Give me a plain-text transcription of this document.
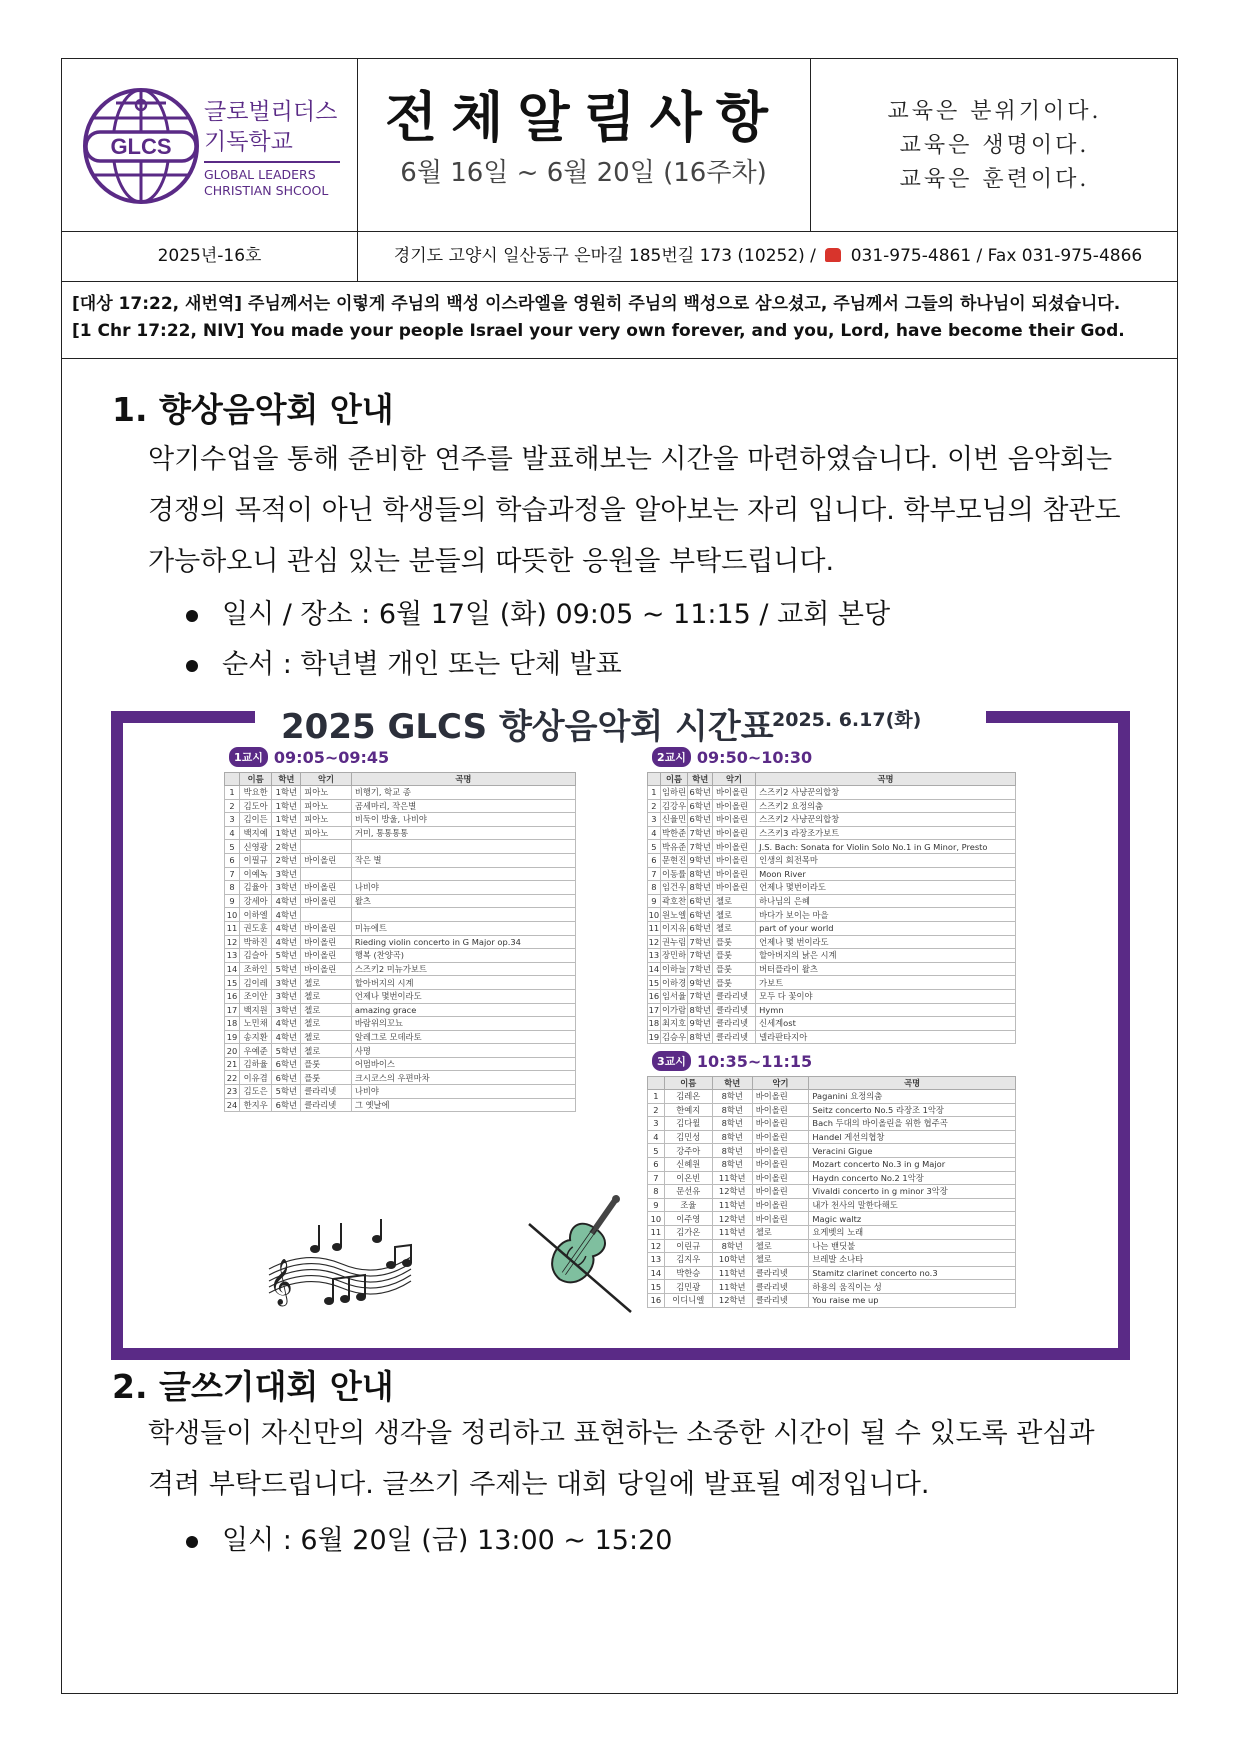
GLCS
글로벌리더스
기독학교
GLOBAL LEADERS
CHRISTIAN SHCOOL
전체알림사항
6월 16일 ~ 6월 20일 (16주차)
교육은 분위기이다.
교육은 생명이다.
교육은 훈련이다.
2025년-16호	경기도 고양시 일산동구 은마길 185번길 173 (10252) / 031-975-4861 / Fax 031-975-4866
[대상 17:22, 새번역] 주님께서는 이렇게 주님의 백성 이스라엘을 영원히 주님의 백성으로 삼으셨고, 주님께서 그들의 하나님이 되셨습니다.
[1 Chr 17:22, NIV] You made your people Israel your very own forever, and you, Lord, have become their God.
1. 향상음악회 안내
악기수업을 통해 준비한 연주를 발표해보는 시간을 마련하였습니다. 이번 음악회는
경쟁의 목적이 아닌 학생들의 학습과정을 알아보는 자리 입니다. 학부모님의 참관도
가능하오니 관심 있는 분들의 따뜻한 응원을 부탁드립니다.
일시 / 장소 : 6월 17일 (화) 09:05 ~ 11:15 / 교회 본당
순서 : 학년별 개인 또는 단체 발표
2025 GLCS 향상음악회 시간표
2025. 6.17(화)
1교시 09:05~09:45
	이름	학년	악기	곡명
1	박요한	1학년	피아노	비행기, 학교 종
2	김도아	1학년	피아노	곰세마리, 작은별
3	김이든	1학년	피아노	비둑이 방울, 나비야
4	백지예	1학년	피아노	거미, 통통통통
5	신영광	2학년		
6	이필규	2학년	바이올린	작은 별
7	이예녹	3학년		
8	김율아	3학년	바이올린	나비야
9	강세아	4학년	바이올린	왈츠
10	이하엘	4학년		
11	권도훈	4학년	바이올린	미뉴에트
12	박하진	4학년	바이올린	Rieding violin concerto in G Major op.34
13	김슬아	5학년	바이올린	행복 (찬양곡)
14	조하인	5학년	바이올린	스즈키2 미뉴가보트
15	김이레	3학년	첼로	할아버지의 시계
16	조이안	3학년	첼로	언제나 몇번이라도
17	백지원	3학년	첼로	amazing grace
18	노민채	4학년	첼로	바람위의꼬뇨
19	송지환	4학년	첼로	알레그로 모데라토
20	우예준	5학년	첼로	사명
21	김하율	6학년	플룻	어멈바이스
22	이유겸	6학년	플룻	크시코스의 우편마차
23	김도은	5학년	클라리넷	나비야
24	한지우	6학년	클라리넷	그 옛날에
2교시 09:50~10:30
	이름	학년	악기	곡명
1	임하린	6학년	바이올린	스즈키2 사냥꾼의합창
2	김강우	6학년	바이올린	스즈키2 요정의춤
3	신율민	6학년	바이올린	스즈키2 사냥꾼의합창
4	박한준	7학년	바이올린	스즈키3 라장조가보트
5	박유준	7학년	바이올린	J.S. Bach: Sonata for Violin Solo No.1 in G Minor, Presto
6	문현진	9학년	바이올린	인생의 회전목마
7	이동률	8학년	바이올린	Moon River
8	임건우	8학년	바이올린	언제나 몇번이라도
9	곽호찬	6학년	첼로	하나님의 은혜
10	원노엘	6학년	첼로	바다가 보이는 마을
11	이지유	6학년	첼로	part of your world
12	권누림	7학년	플룻	언제나 몇 번이라도
13	장민하	7학년	플룻	할아버지의 낡은 시계
14	이하늘	7학년	플룻	버터플라이 왈츠
15	이하경	9학년	플룻	가보트
16	임서율	7학년	클라리넷	모두 다 꽃이야
17	이가람	8학년	클라리넷	Hymn
18	최지호	9학년	클라리넷	신세계ost
19	김승우	8학년	클라리넷	넬라판타지아
3교시 10:35~11:15
	이름	학년	악기	곡명
1	김레온	8학년	바이올린	Paganini 요정의춤
2	한예지	8학년	바이올린	Seitz concerto No.5 라장조 1악장
3	김다윌	8학년	바이올린	Bach 두대의 바이올린을 위한 협주곡
4	김민성	8학년	바이올린	Handel 게선의협창
5	강주아	8학년	바이올린	Veracini Gigue
6	신혜원	8학년	바이올린	Mozart concerto No.3 in g Major
7	이온빈	11학년	바이올린	Haydn concerto No.2 1악장
8	문선유	12학년	바이올린	Vivaldi concerto in g minor 3악장
9	조율	11학년	바이올린	내가 천사의 말한다해도
10	이주영	12학년	바이올린	Magic waltz
11	김가온	11학년	첼로	요게벳의 노래
12	이린규	8학년	첼로	나는 밴딧불
13	김지우	10학년	첼로	브레발 소나타
14	박한승	11학년	클라리넷	Stamitz clarinet concerto no.3
15	김민광	11학년	클라리넷	하용의 움직이는 성
16	이디니엘	12학년	클라리넷	You raise me up
𝄞
2. 글쓰기대회 안내
학생들이 자신만의 생각을 정리하고 표현하는 소중한 시간이 될 수 있도록 관심과
격려 부탁드립니다. 글쓰기 주제는 대회 당일에 발표될 예정입니다.
일시 : 6월 20일 (금) 13:00 ~ 15:20
